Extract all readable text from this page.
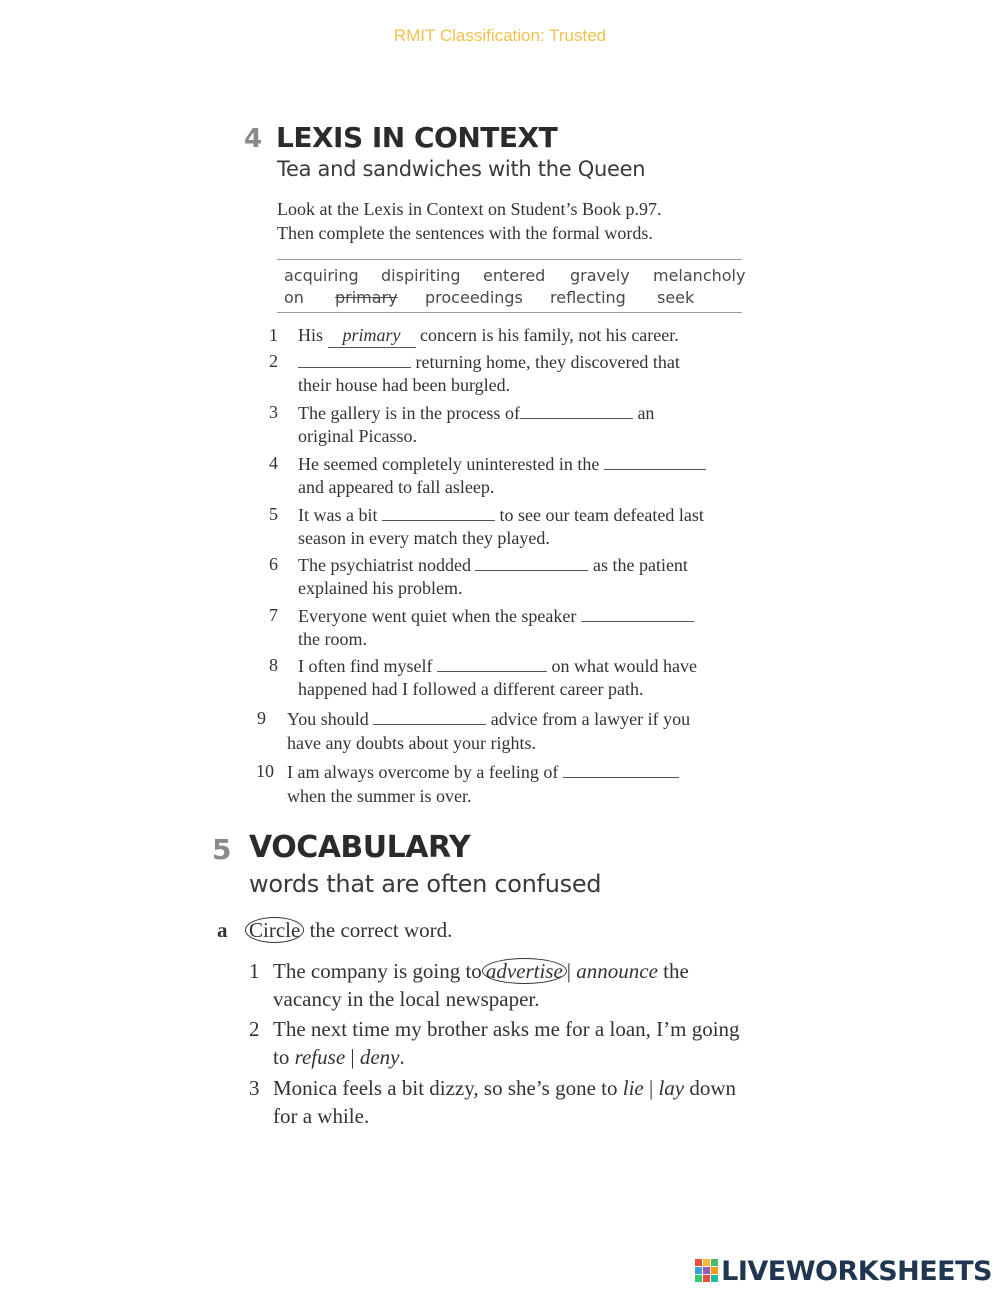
RMIT Classification: Trusted
4 LEXIS IN CONTEXT
Tea and sandwiches with the Queen
Look at the Lexis in Context on Student’s Book p.97.
Then complete the sentences with the formal words.
acquiring dispiriting entered gravely melancholy
on primary proceedings reflecting seek
1 His primary concern is his family, not his career.
2	returning home, they discovered that
their house had been burgled.
3 The gallery is in the process of	an
original Picasso.
4 He seemed completely uninterested in the
and appeared to fall asleep.
5 It was a bit	to see our team defeated last
season in every match they played.
6 The psychiatrist nodded	as the patient
explained his problem.
7 Everyone went quiet when the speaker
the room.
8 I often find myself	on what would have
happened had I followed a different career path.
9 You should	advice from a lawyer if you
have any doubts about your rights.
10 I am always overcome by a feeling of
when the summer is over.
5 VOCABULARY
words that are often confused
a Circle the correct word.
1 The company is going to advertise | announce the
vacancy in the local newspaper.
2 The next time my brother asks me for a loan, I’m going
to refuse | deny.
3 Monica feels a bit dizzy, so she’s gone to lie | lay down
for a while.
LIVEWORKSHEETS
